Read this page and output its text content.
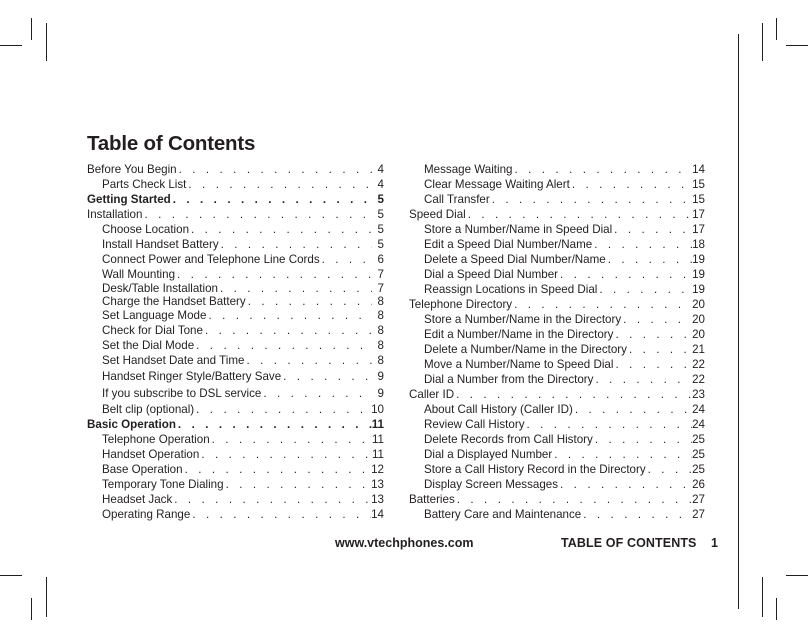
Table of Contents
Before You Begin . . .	4
Parts Check List . . .	4
Getting Started . . .	5
Installation . . .	5
Choose Location . . .	5
Install Handset Battery . . .	5
Connect Power and Telephone Line Cords . . .	6
Wall Mounting . . .	7
Desk/Table Installation . . .	7
Charge the Handset Battery . . .	8
Set Language Mode . . .	8
Check for Dial Tone . . .	8
Set the Dial Mode . . .	8
Set Handset Date and Time . . .	8
Handset Ringer Style/Battery Save . . .	9
If you subscribe to DSL service . . .	9
Belt clip (optional) . . .	10
Basic Operation . . .	11
Telephone Operation . . .	11
Handset Operation . . .	11
Base Operation . . .	12
Temporary Tone Dialing . . .	13
Headset Jack . . .	13
Operating Range . . .	14
Message Waiting . . .	14
Clear Message Waiting Alert . . .	15
Call Transfer . . .	15
Speed Dial . . .	17
Store a Number/Name in Speed Dial . . .	17
Edit a Speed Dial Number/Name . . .	18
Delete a Speed Dial Number/Name . . .	19
Dial a Speed Dial Number . . .	19
Reassign Locations in Speed Dial . . .	19
Telephone Directory . . .	20
Store a Number/Name in the Directory . . .	20
Edit a Number/Name in the Directory . . .	20
Delete a Number/Name in the Directory . . .	21
Move a Number/Name to Speed Dial . . .	22
Dial a Number from the Directory . . .	22
Caller ID . . .	23
About Call History (Caller ID) . . .	24
Review Call History . . .	24
Delete Records from Call History . . .	25
Dial a Displayed Number . . .	25
Store a Call History Record in the Directory . . .	25
Display Screen Messages . . .	26
Batteries . . .	27
Battery Care and Maintenance . . .	27
www.vtechphones.com	TABLE OF CONTENTS 1
